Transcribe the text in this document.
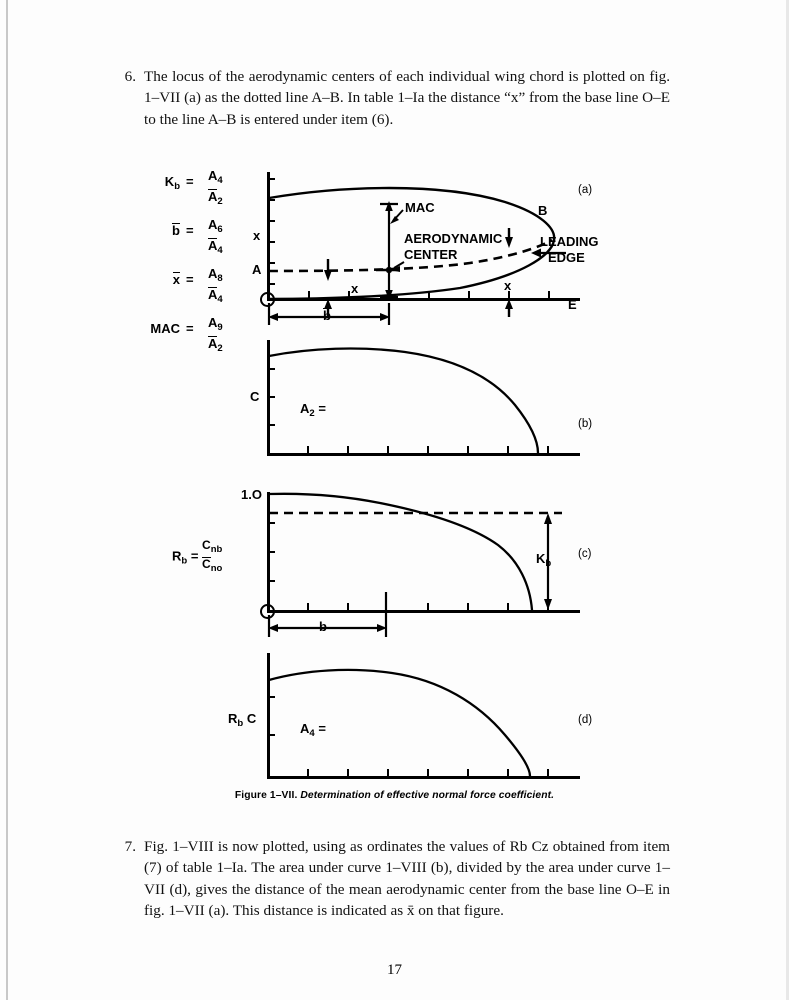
6. The locus of the aerodynamic centers of each individual wing chord is plotted on fig. 1–VII (a) as the dotted line A–B. In table 1–Ia the distance “x” from the base line O–E to the line A–B is entered under item (6).
$K_b = A_4$
$A_2$
$b = A_6$
$A_4$
$x = A_8$
$A_4$
MAC = $A_9$
$A_2$
(a)
x
A
B
MAC
AERODYNAMIC
CENTER
LEADING
EDGE
E
x	x
b
(b)
C
$A_2$ =
(c)
1.O
$K_b$
b
$R_b$ =
$C_{nb}$
$C_{no}$
(d)
$R_b$ C
$A_4$ =
Figure 1–VII. Determination of effective normal force coefficient.
7. Fig. 1–VIII is now plotted, using as ordinates the values of Rb Cz obtained from item (7) of table 1–Ia. The area under curve 1–VIII (b), divided by the area under curve 1–VII (d), gives the distance of the mean aerodynamic center from the base line O–E in fig. 1–VII (a). This distance is indicated as x̄ on that figure.
17
